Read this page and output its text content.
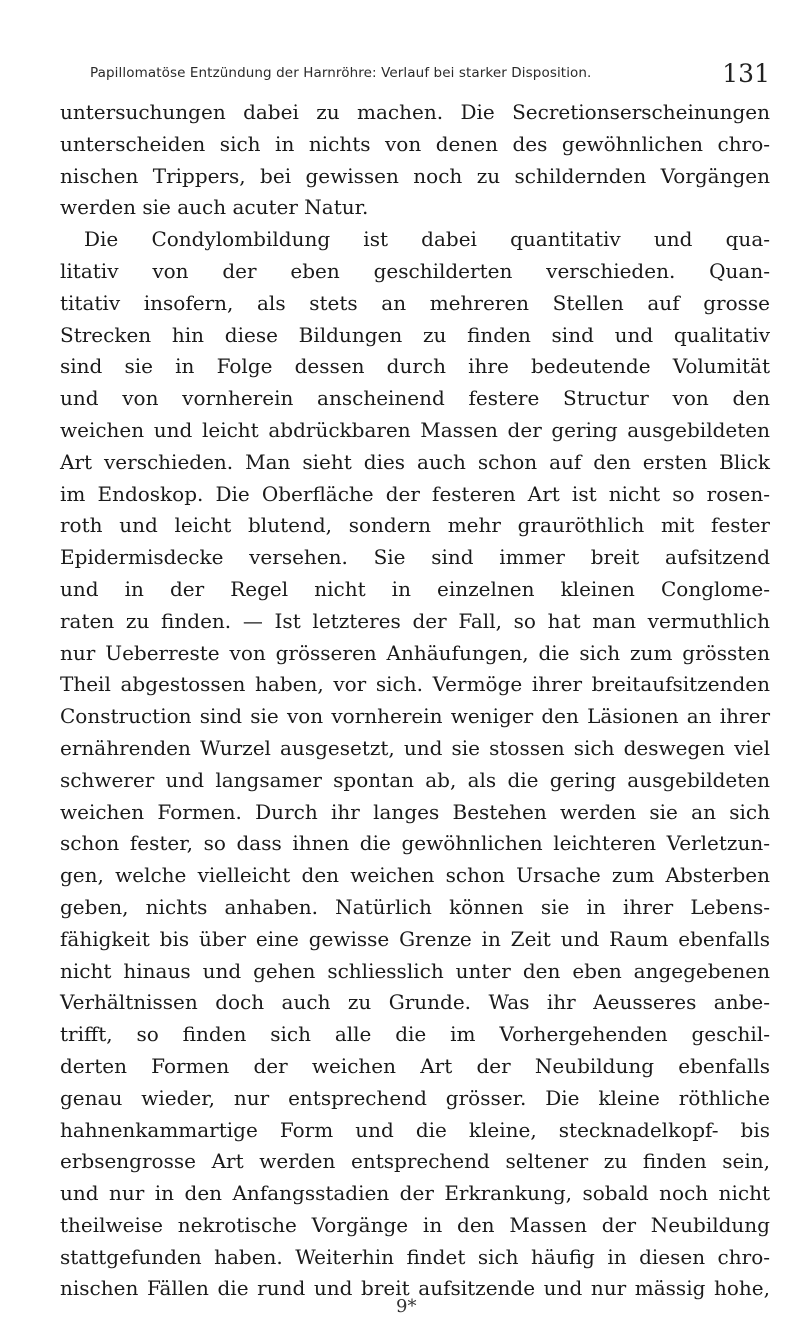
Papillomatöse Entzündung der Harnröhre: Verlauf bei starker Disposition.	131
untersuchungen dabei zu machen. Die Secretionserscheinungen
unterscheiden sich in nichts von denen des gewöhnlichen chro-
nischen Trippers, bei gewissen noch zu schildernden Vorgängen
werden sie auch acuter Natur.
Die Condylombildung ist dabei quantitativ und qua-
litativ von der eben geschilderten verschieden. Quan-
titativ insofern, als stets an mehreren Stellen auf grosse
Strecken hin diese Bildungen zu finden sind und qualitativ
sind sie in Folge dessen durch ihre bedeutende Volumität
und von vornherein anscheinend festere Structur von den
weichen und leicht abdrückbaren Massen der gering ausgebildeten
Art verschieden. Man sieht dies auch schon auf den ersten Blick
im Endoskop. Die Oberfläche der festeren Art ist nicht so rosen-
roth und leicht blutend, sondern mehr grauröthlich mit fester
Epidermisdecke versehen. Sie sind immer breit aufsitzend
und in der Regel nicht in einzelnen kleinen Conglome-
raten zu finden. — Ist letzteres der Fall, so hat man vermuthlich
nur Ueberreste von grösseren Anhäufungen, die sich zum grössten
Theil abgestossen haben, vor sich. Vermöge ihrer breitaufsitzenden
Construction sind sie von vornherein weniger den Läsionen an ihrer
ernährenden Wurzel ausgesetzt, und sie stossen sich deswegen viel
schwerer und langsamer spontan ab, als die gering ausgebildeten
weichen Formen. Durch ihr langes Bestehen werden sie an sich
schon fester, so dass ihnen die gewöhnlichen leichteren Verletzun-
gen, welche vielleicht den weichen schon Ursache zum Absterben
geben, nichts anhaben. Natürlich können sie in ihrer Lebens-
fähigkeit bis über eine gewisse Grenze in Zeit und Raum ebenfalls
nicht hinaus und gehen schliesslich unter den eben angegebenen
Verhältnissen doch auch zu Grunde. Was ihr Aeusseres anbe-
trifft, so finden sich alle die im Vorhergehenden geschil-
derten Formen der weichen Art der Neubildung ebenfalls
genau wieder, nur entsprechend grösser. Die kleine röthliche
hahnenkammartige Form und die kleine, stecknadelkopf- bis
erbsengrosse Art werden entsprechend seltener zu finden sein,
und nur in den Anfangsstadien der Erkrankung, sobald noch nicht
theilweise nekrotische Vorgänge in den Massen der Neubildung
stattgefunden haben. Weiterhin findet sich häufig in diesen chro-
nischen Fällen die rund und breit aufsitzende und nur mässig hohe,
9*
